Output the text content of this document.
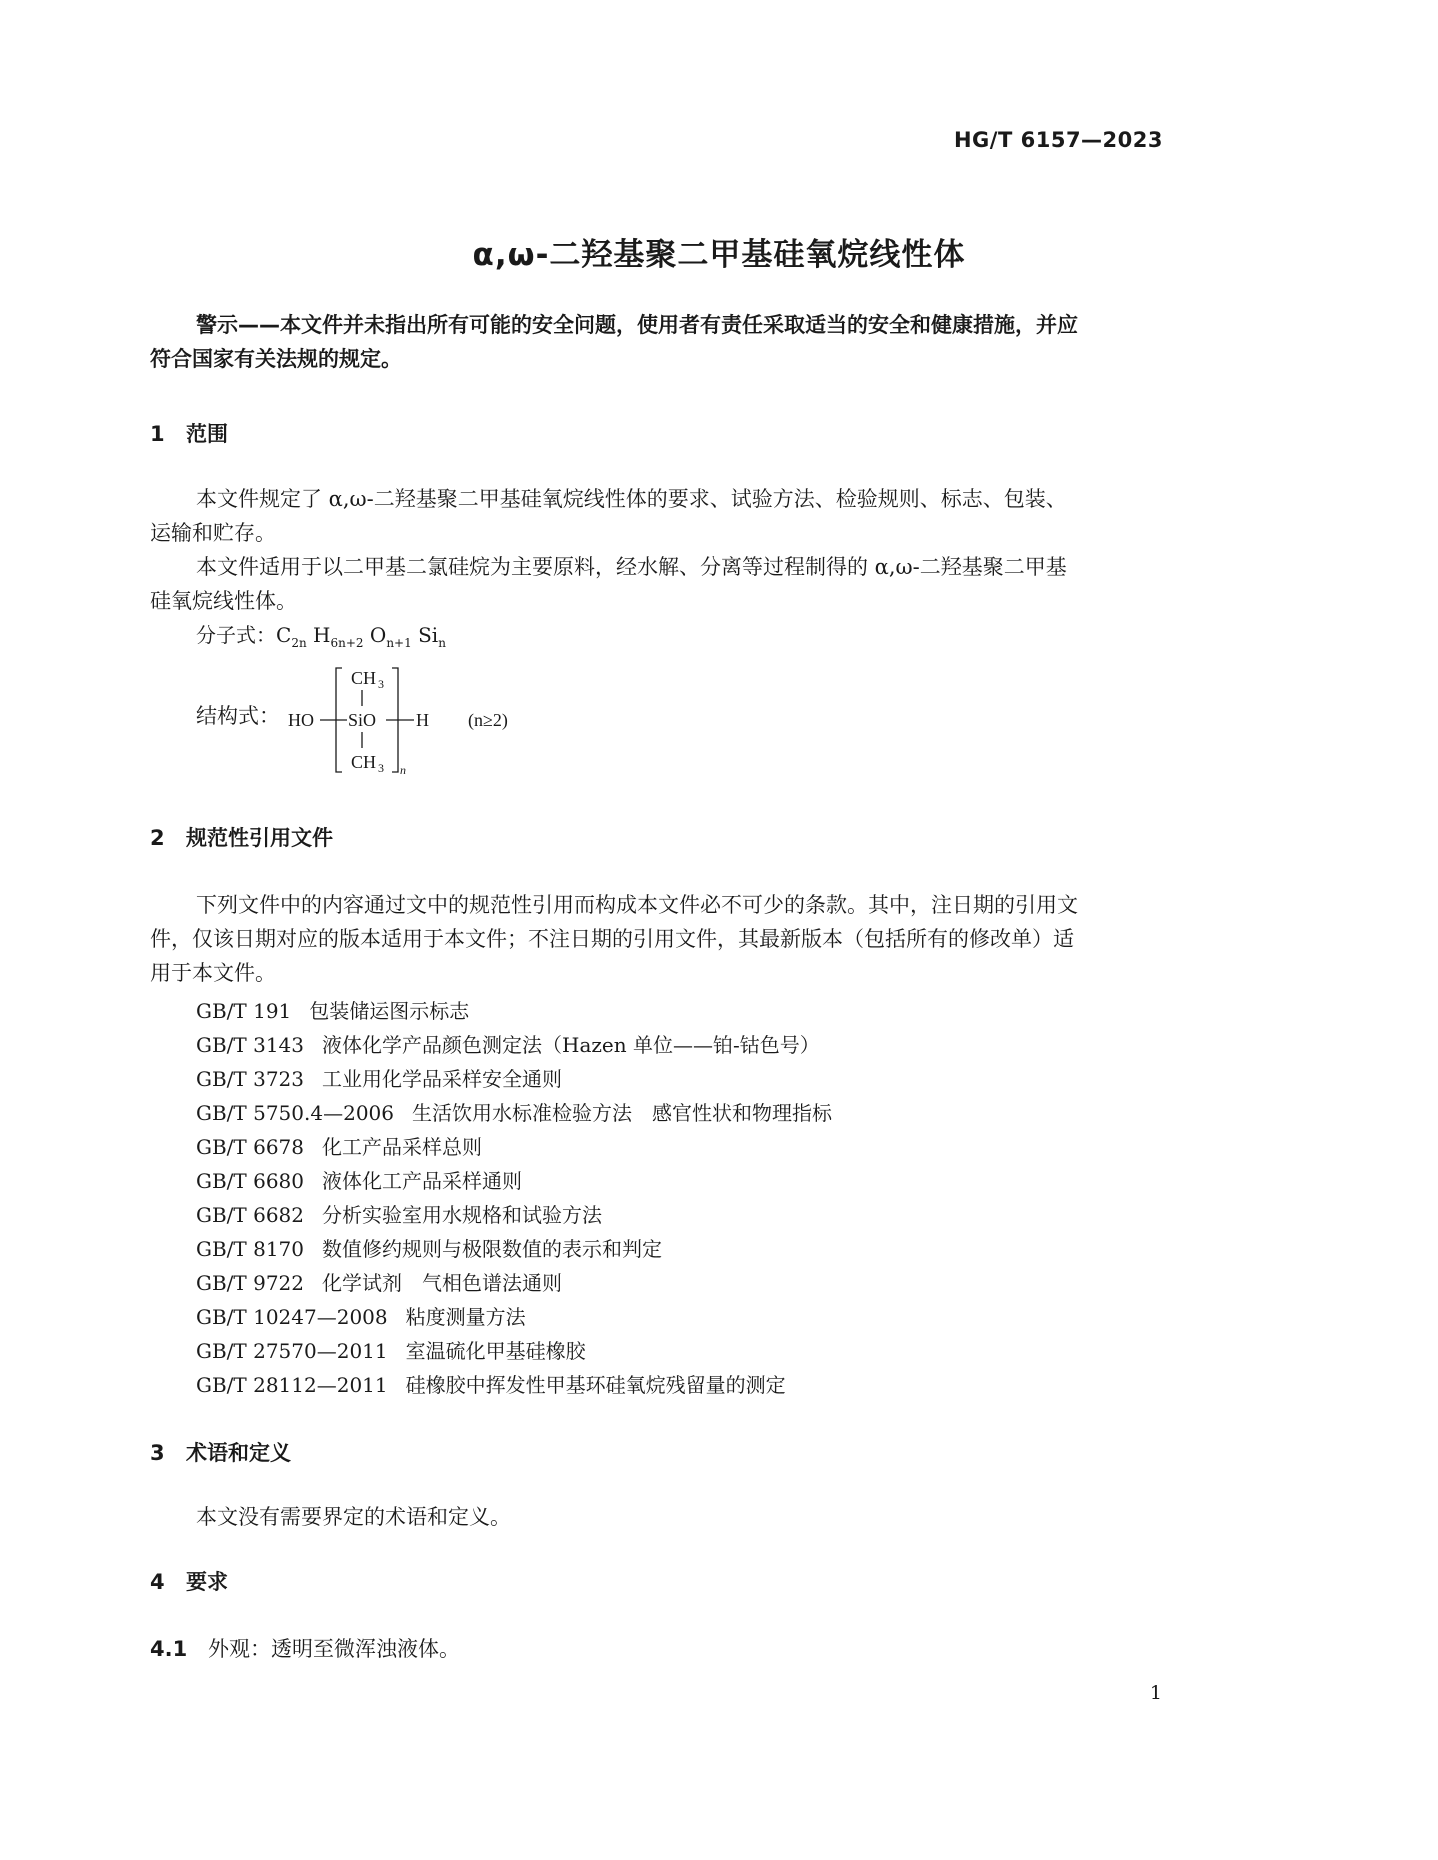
HG/T 6157—2023
α,ω-二羟基聚二甲基硅氧烷线性体
警示——本文件并未指出所有可能的安全问题，使用者有责任采取适当的安全和健康措施，并应
符合国家有关法规的规定。
1 范围
本文件规定了 α,ω-二羟基聚二甲基硅氧烷线性体的要求、试验方法、检验规则、标志、包装、
运输和贮存。
本文件适用于以二甲基二氯硅烷为主要原料，经水解、分离等过程制得的 α,ω-二羟基聚二甲基
硅氧烷线性体。
分子式：$C_{2n}$ $H_{6n+2}$ $O_{n+1}$ $Si_n$
结构式： HO
CH 3
SiO H
CH 3 n
(n≥2)
2 规范性引用文件
下列文件中的内容通过文中的规范性引用而构成本文件必不可少的条款。其中，注日期的引用文
件，仅该日期对应的版本适用于本文件；不注日期的引用文件，其最新版本（包括所有的修改单）适
用于本文件。
GB/T 191 包装储运图示标志
GB/T 3143 液体化学产品颜色测定法（Hazen 单位——铂-钴色号）
GB/T 3723 工业用化学品采样安全通则
GB/T 5750.4—2006 生活饮用水标准检验方法　感官性状和物理指标
GB/T 6678 化工产品采样总则
GB/T 6680 液体化工产品采样通则
GB/T 6682 分析实验室用水规格和试验方法
GB/T 8170 数值修约规则与极限数值的表示和判定
GB/T 9722 化学试剂　气相色谱法通则
GB/T 10247—2008 粘度测量方法
GB/T 27570—2011 室温硫化甲基硅橡胶
GB/T 28112—2011 硅橡胶中挥发性甲基环硅氧烷残留量的测定
3 术语和定义
本文没有需要界定的术语和定义。
4 要求
4.1 外观：透明至微浑浊液体。
1
